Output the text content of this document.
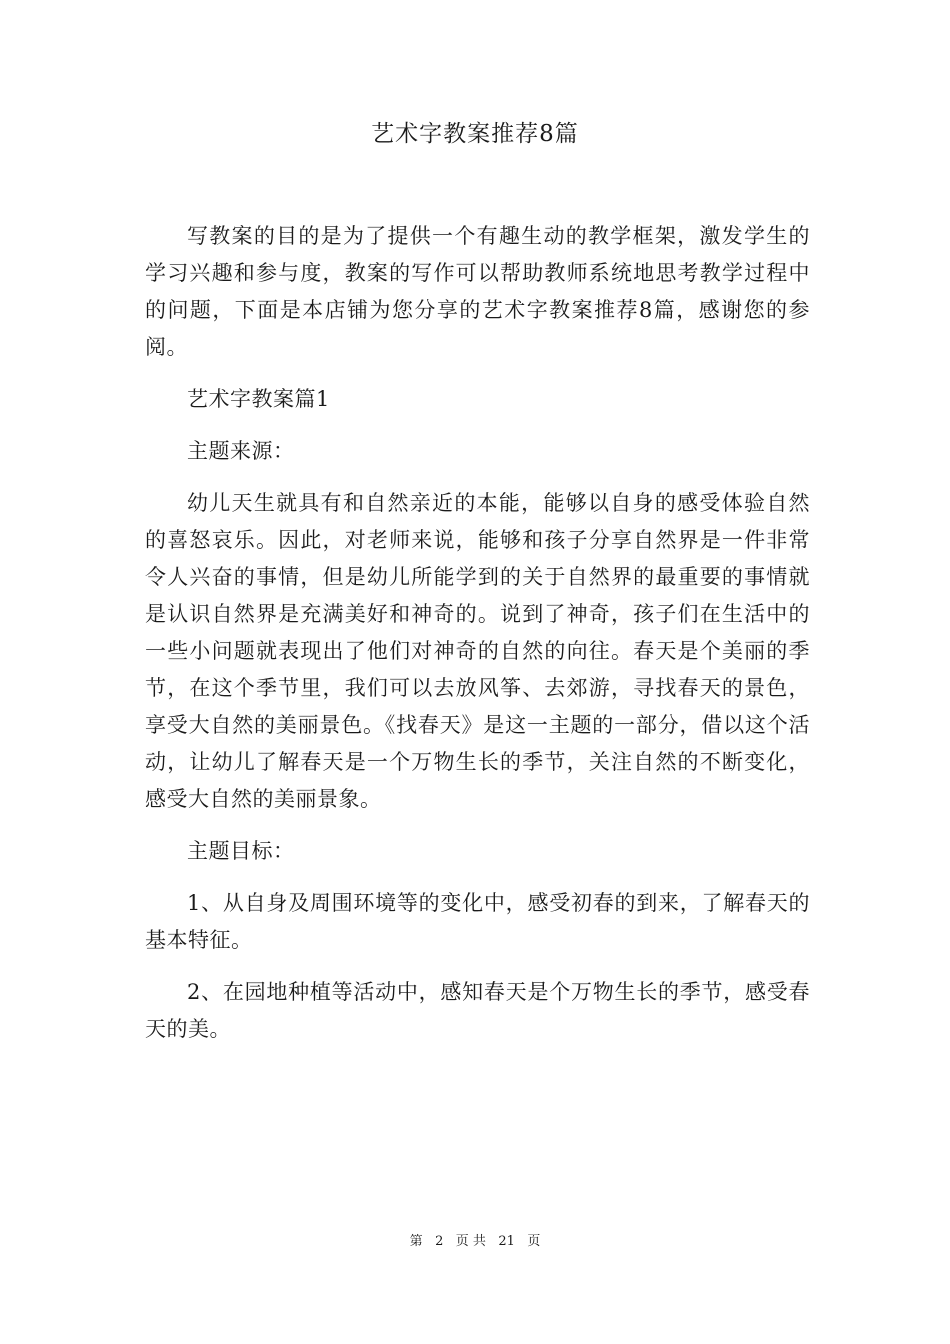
艺术字教案推荐8篇

写教案的目的是为了提供一个有趣生动的教学框架，激发学生的学习兴趣和参与度，教案的写作可以帮助教师系统地思考教学过程中的问题，下面是本店铺为您分享的艺术字教案推荐8篇，感谢您的参阅。

艺术字教案篇1

主题来源：

幼儿天生就具有和自然亲近的本能，能够以自身的感受体验自然的喜怒哀乐。因此，对老师来说，能够和孩子分享自然界是一件非常令人兴奋的事情，但是幼儿所能学到的关于自然界的最重要的事情就是认识自然界是充满美好和神奇的。说到了神奇，孩子们在生活中的一些小问题就表现出了他们对神奇的自然的向往。春天是个美丽的季节，在这个季节里，我们可以去放风筝、去郊游，寻找春天的景色，享受大自然的美丽景色。《找春天》是这一主题的一部分，借以这个活动，让幼儿了解春天是一个万物生长的季节，关注自然的不断变化，感受大自然的美丽景象。

主题目标：

1、从自身及周围环境等的变化中，感受初春的到来，了解春天的基本特征。

2、在园地种植等活动中，感知春天是个万物生长的季节，感受春天的美。

第 2 页 共 21 页
